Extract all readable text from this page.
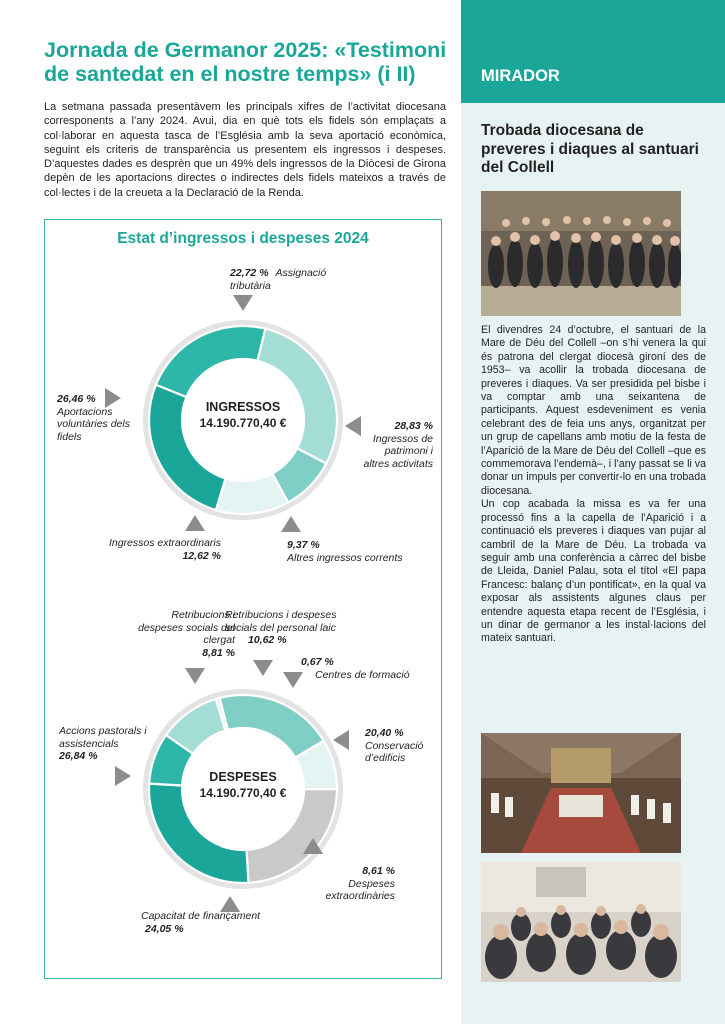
Jornada de Germanor 2025: «Testimoni de santedat en el nostre temps» (i II)

La setmana passada presentàvem les principals xifres de l’activitat diocesana corresponents a l’any 2024. Avui, dia en què tots els fidels són emplaçats a col·laborar en aquesta tasca de l’Església amb la seva aportació econòmica, seguint els criteris de transparència us presentem els ingressos i despeses. D’aquestes dades es desprèn que un 49% dels ingressos de la Diòcesi de Girona depèn de les aportacions directes o indirectes dels fidels mateixos a través de col·lectes i de la creueta a la Declaració de la Renda.

Estat d’ingressos i despeses 2024
INGRESSOS
14.190.770,40 €
DESPESES
14.190.770,40 €
22,72 % Assignació tributària
26,46 %
Aportacions voluntàries dels fidels
28,83 %
Ingressos de patrimoni i altres activitats
Ingressos extraordinaris 12,62 %
9,37 %
Altres ingressos corrents
Retribucions i despeses socials del clergat
8,81 %
Retribucions i despeses socials del personal laic
10,62 %
0,67 %
Centres de formació
Accions pastorals i assistencials
26,84 %
20,40 %
Conservació d’edificis
8,61 %
Despeses extraordinàries
Capacitat de finançament 24,05 %
MIRADOR
Trobada diocesana de preveres i diaques al santuari del Collell

El divendres 24 d’octubre, el santuari de la Mare de Déu del Collell –on s’hi venera la qui és patrona del clergat diocesà gironí des de 1953– va acollir la trobada diocesana de preveres i diaques. Va ser presidida pel bisbe i va comptar amb una seixantena de participants. Aquest esdeveniment es venia celebrant des de feia uns anys, organitzat per un grup de capellans amb motiu de la festa de l’Aparició de la Mare de Déu del Collell –que es commemorava l’endemà–, i l’any passat se li va donar un impuls per convertir-lo en una trobada diocesana.

Un cop acabada la missa es va fer una processó fins a la capella de l’Aparició i a continuació els preveres i diaques van pujar al cambril de la Mare de Déu. La trobada va seguir amb una conferència a càrrec del bisbe de Lleida, Daniel Palau, sota el títol «El papa Francesc: balanç d’un pontificat», en la qual va exposar als assistents algunes claus per entendre aquesta etapa recent de l’Església, i un dinar de germanor a les instal·lacions del mateix santuari.
